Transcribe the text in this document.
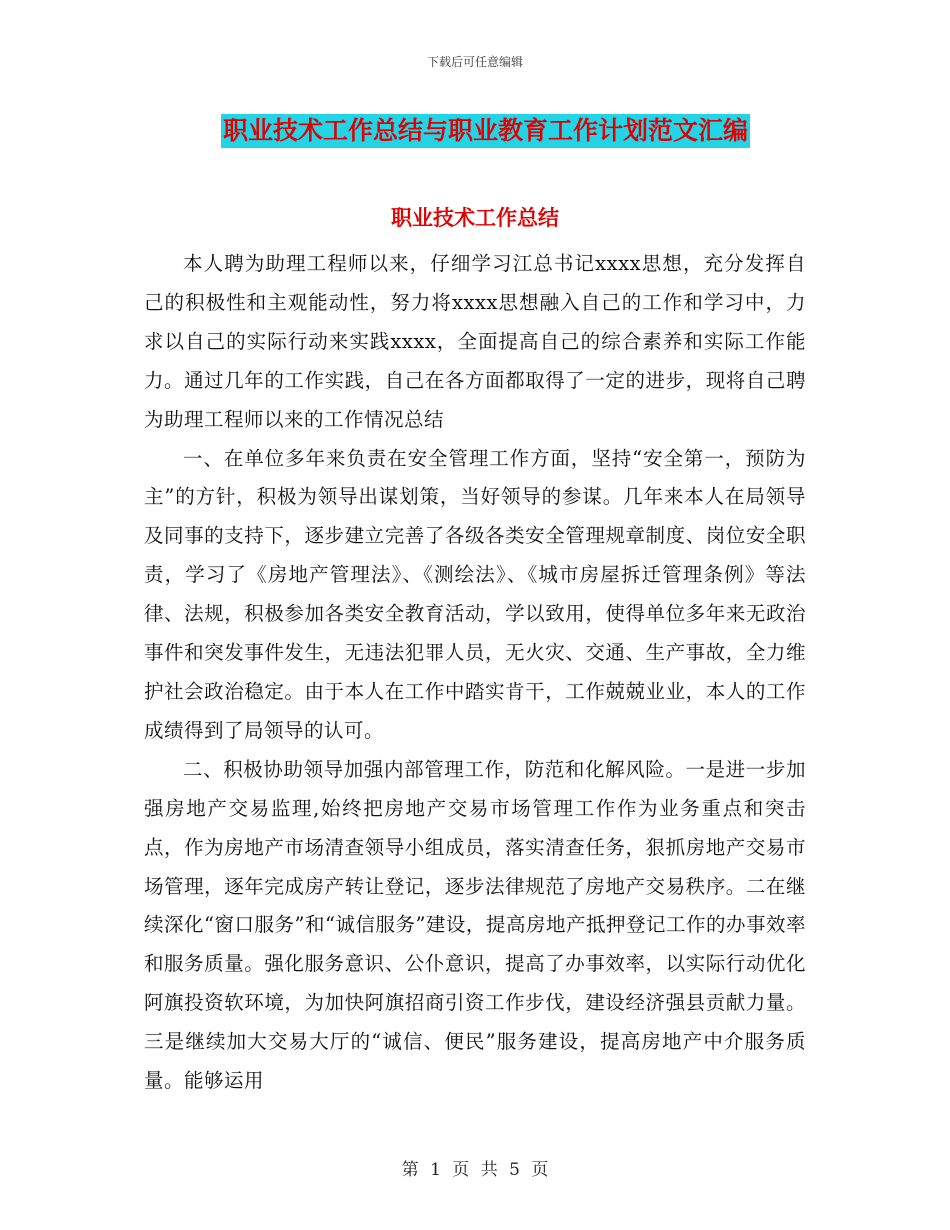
下载后可任意编辑
职业技术工作总结与职业教育工作计划范文汇编
职业技术工作总结

本人聘为助理工程师以来，仔细学习江总书记xxxx思想，充分发挥自己的积极性和主观能动性，努力将xxxx思想融入自己的工作和学习中，力求以自己的实际行动来实践xxxx，全面提高自己的综合素养和实际工作能力。通过几年的工作实践，自己在各方面都取得了一定的进步，现将自己聘为助理工程师以来的工作情况总结

一、在单位多年来负责在安全管理工作方面，坚持“安全第一，预防为主”的方针，积极为领导出谋划策，当好领导的参谋。几年来本人在局领导及同事的支持下，逐步建立完善了各级各类安全管理规章制度、岗位安全职责，学习了《房地产管理法》、《测绘法》、《城市房屋拆迁管理条例》等法律、法规，积极参加各类安全教育活动，学以致用，使得单位多年来无政治事件和突发事件发生，无违法犯罪人员，无火灾、交通、生产事故，全力维护社会政治稳定。由于本人在工作中踏实肯干，工作兢兢业业，本人的工作成绩得到了局领导的认可。

二、积极协助领导加强内部管理工作，防范和化解风险。一是进一步加强房地产交易监理,始终把房地产交易市场管理工作作为业务重点和突击点，作为房地产市场清查领导小组成员，落实清查任务，狠抓房地产交易市场管理，逐年完成房产转让登记，逐步法律规范了房地产交易秩序。二在继续深化“窗口服务”和“诚信服务”建设，提高房地产抵押登记工作的办事效率和服务质量。强化服务意识、公仆意识，提高了办事效率，以实际行动优化阿旗投资软环境，为加快阿旗招商引资工作步伐，建设经济强县贡献力量。三是继续加大交易大厅的“诚信、便民”服务建设，提高房地产中介服务质量。能够运用

第 1 页 共 5 页
